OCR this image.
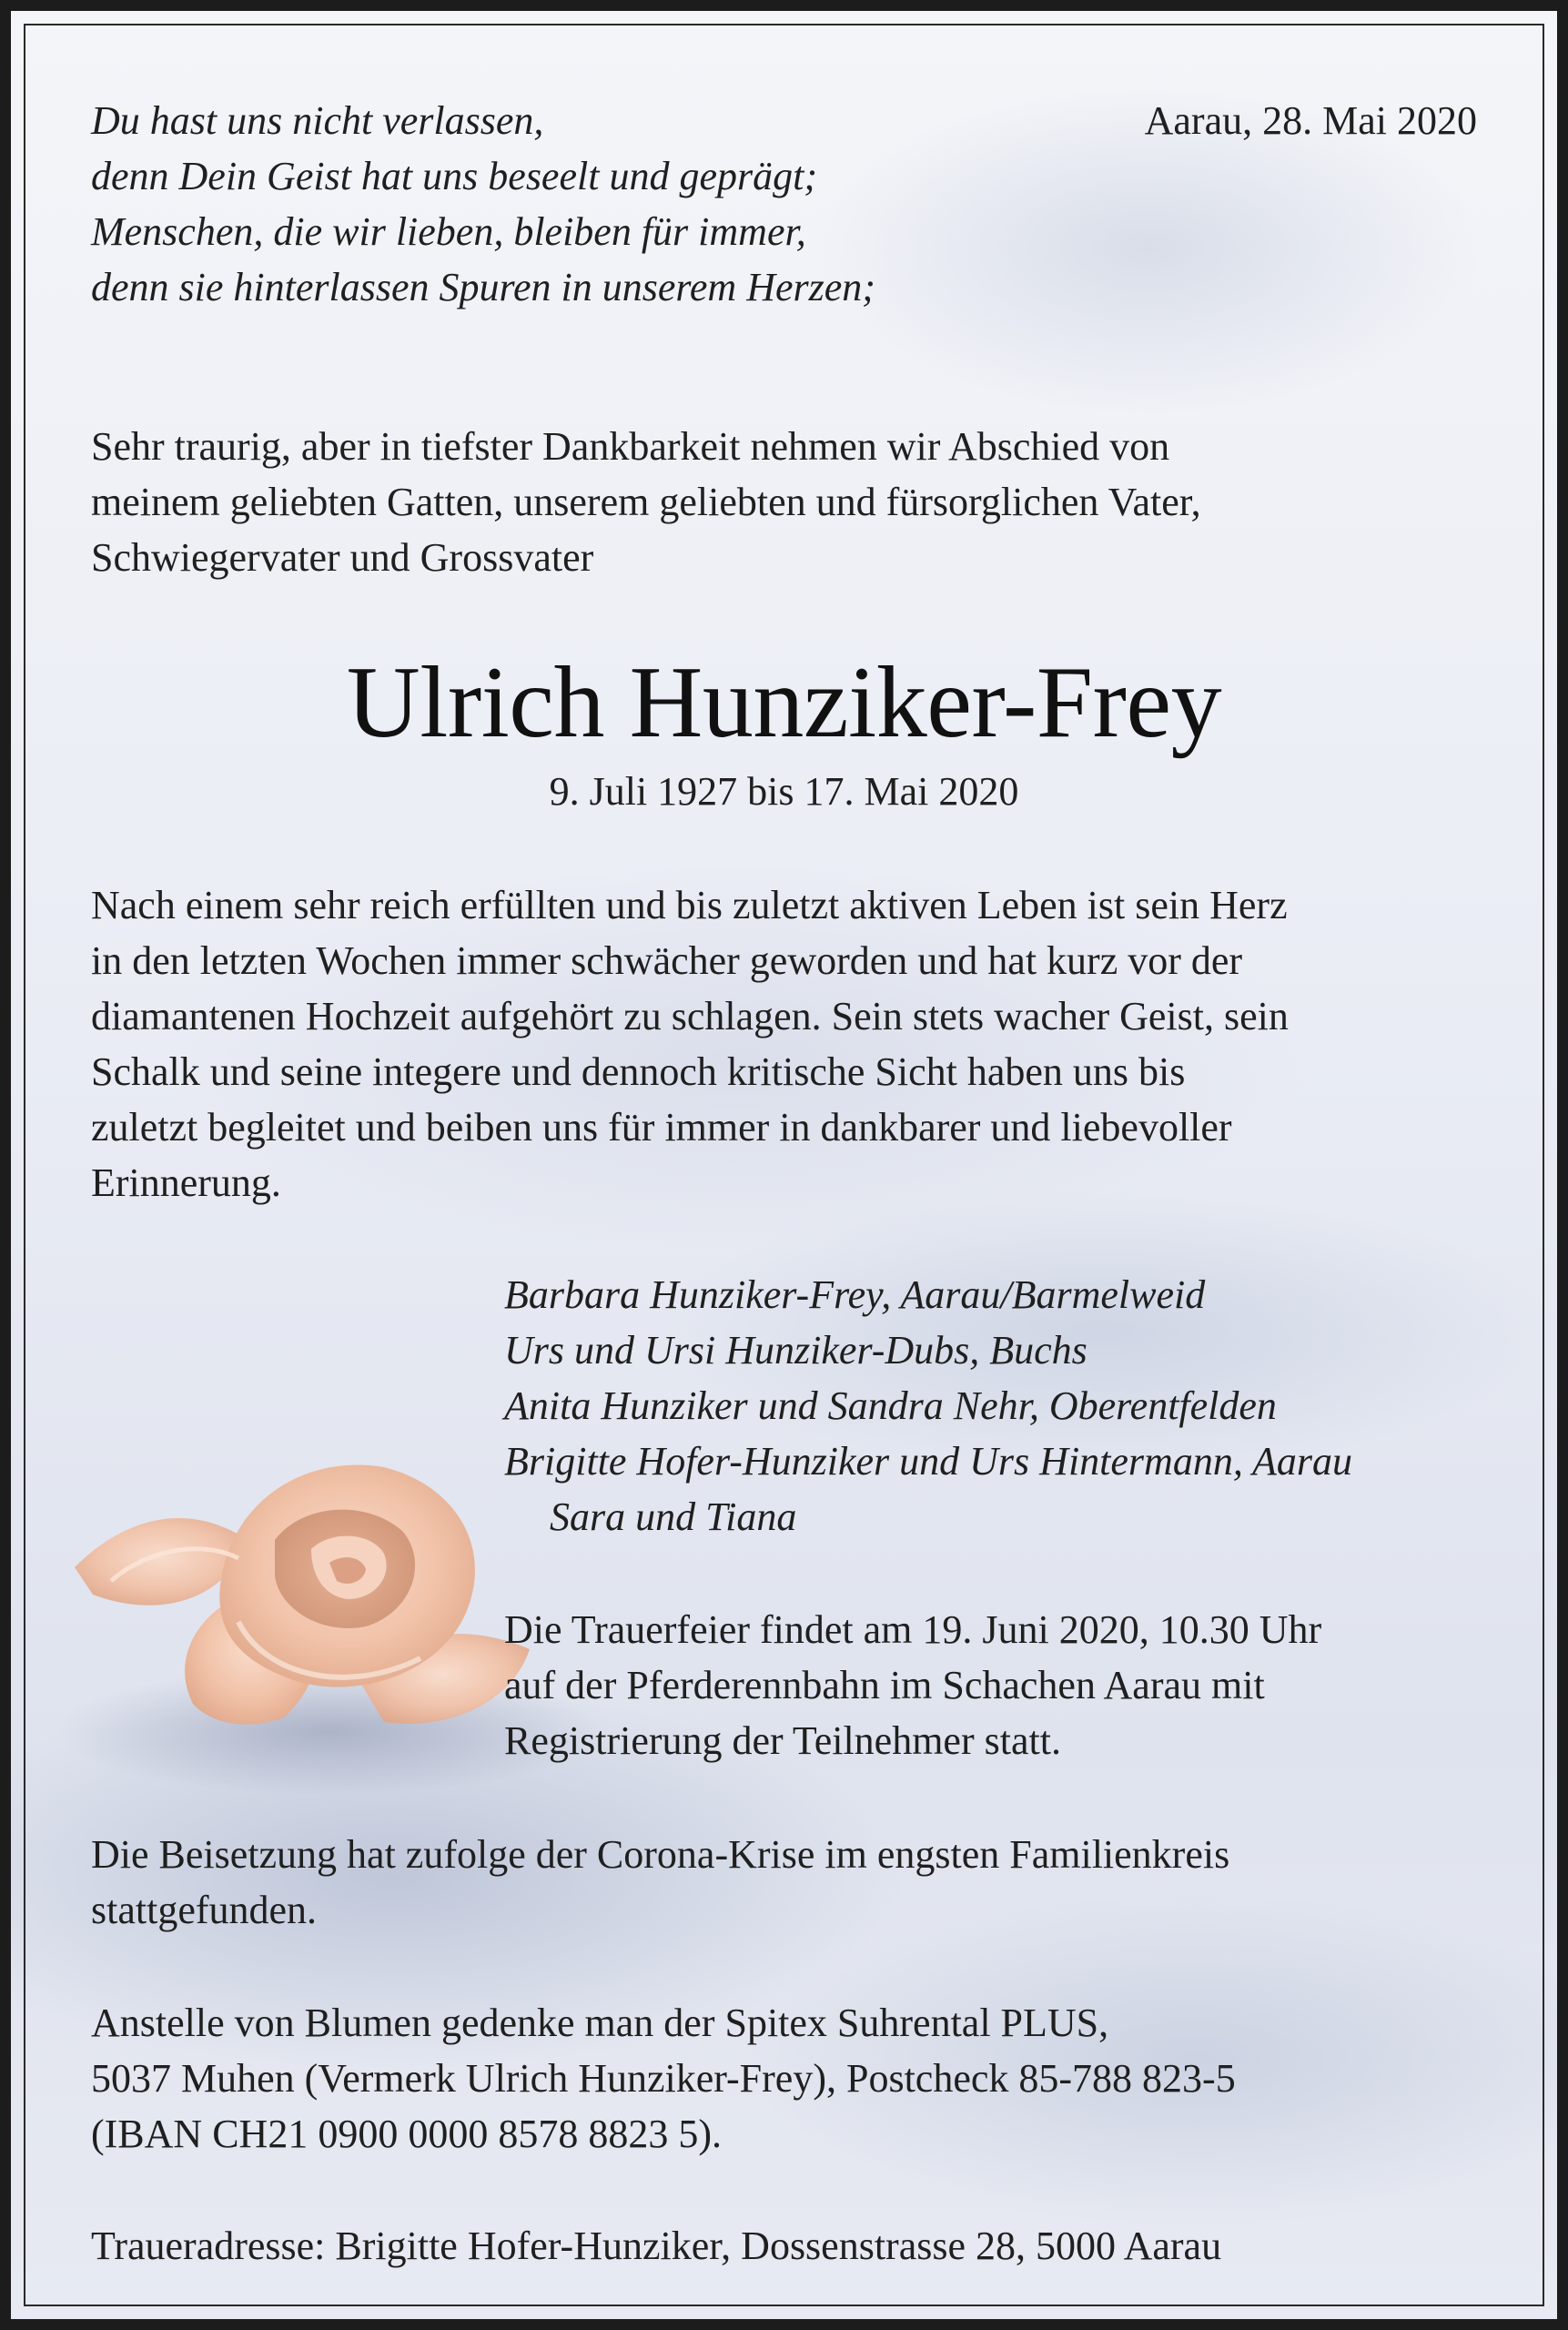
Du hast uns nicht verlassen,
denn Dein Geist hat uns beseelt und geprägt;
Menschen, die wir lieben, bleiben für immer,
denn sie hinterlassen Spuren in unserem Herzen;
Aarau, 28. Mai 2020
Sehr traurig, aber in tiefster Dankbarkeit nehmen wir Abschied von
meinem geliebten Gatten, unserem geliebten und fürsorglichen Vater,
Schwiegervater und Grossvater
Ulrich Hunziker-Frey
9. Juli 1927 bis 17. Mai 2020
Nach einem sehr reich erfüllten und bis zuletzt aktiven Leben ist sein Herz
in den letzten Wochen immer schwächer geworden und hat kurz vor der
diamantenen Hochzeit aufgehört zu schlagen. Sein stets wacher Geist, sein
Schalk und seine integere und dennoch kritische Sicht haben uns bis
zuletzt begleitet und beiben uns für immer in dankbarer und liebevoller
Erinnerung.
Barbara Hunziker-Frey, Aarau/Barmelweid
Urs und Ursi Hunziker-Dubs, Buchs
Anita Hunziker und Sandra Nehr, Oberentfelden
Brigitte Hofer-Hunziker und Urs Hintermann, Aarau
Sara und Tiana
Die Trauerfeier findet am 19. Juni 2020, 10.30 Uhr
auf der Pferderennbahn im Schachen Aarau mit
Registrierung der Teilnehmer statt.
Die Beisetzung hat zufolge der Corona-Krise im engsten Familienkreis
stattgefunden.
Anstelle von Blumen gedenke man der Spitex Suhrental PLUS,
5037 Muhen (Vermerk Ulrich Hunziker-Frey), Postcheck 85-788 823-5
(IBAN CH21 0900 0000 8578 8823 5).
Traueradresse: Brigitte Hofer-Hunziker, Dossenstrasse 28, 5000 Aarau
